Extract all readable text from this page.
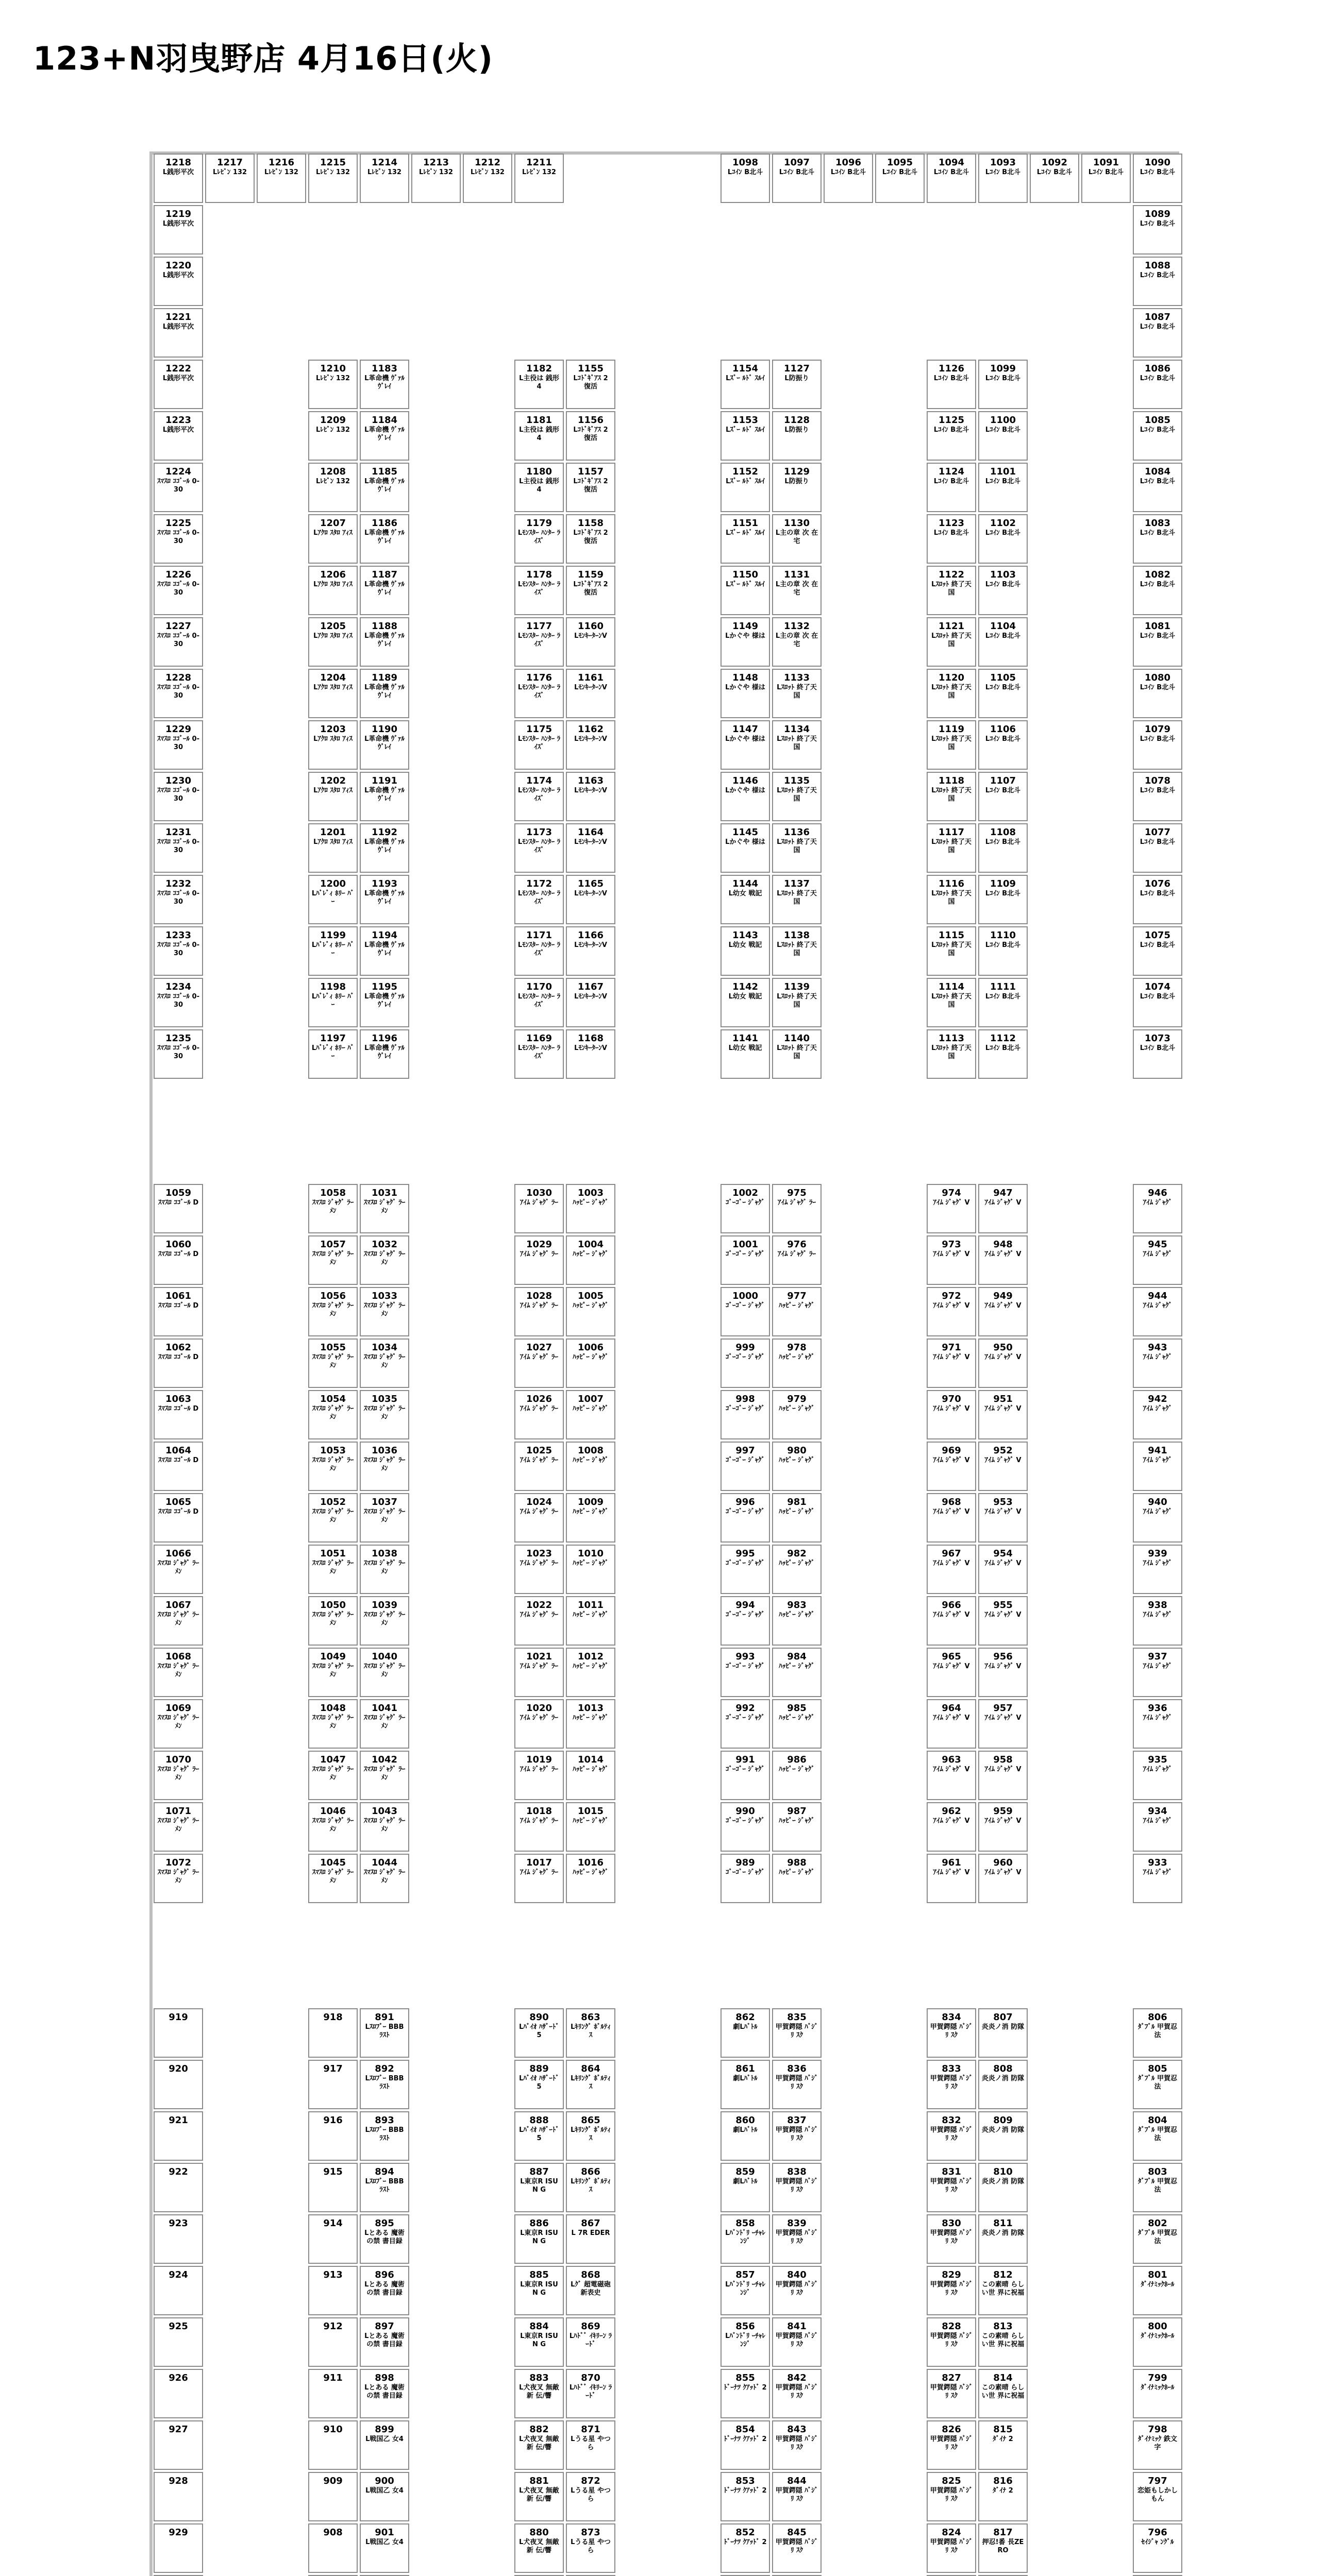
123+N羽曳野店 4月16日(火)
1218
L銭形平次
1217
Lﾚﾋﾞﾝ 132
1216
Lﾚﾋﾞﾝ 132
1215
Lﾚﾋﾞﾝ 132
1214
Lﾚﾋﾞﾝ 132
1213
Lﾚﾋﾞﾝ 132
1212
Lﾚﾋﾞﾝ 132
1211
Lﾚﾋﾞﾝ 132
1098
Lｺｲﾝ B北斗
1097
Lｺｲﾝ B北斗
1096
Lｺｲﾝ B北斗
1095
Lｺｲﾝ B北斗
1094
Lｺｲﾝ B北斗
1093
Lｺｲﾝ B北斗
1092
Lｺｲﾝ B北斗
1091
Lｺｲﾝ B北斗
1090
Lｺｲﾝ B北斗
1219
L銭形平次
1220
L銭形平次
1221
L銭形平次
1222
L銭形平次
1223
L銭形平次
1224
ｽﾏｽﾛ ｺｺﾞｰﾙ 0-30
1225
ｽﾏｽﾛ ｺｺﾞｰﾙ 0-30
1226
ｽﾏｽﾛ ｺｺﾞｰﾙ 0-30
1227
ｽﾏｽﾛ ｺｺﾞｰﾙ 0-30
1228
ｽﾏｽﾛ ｺｺﾞｰﾙ 0-30
1229
ｽﾏｽﾛ ｺｺﾞｰﾙ 0-30
1230
ｽﾏｽﾛ ｺｺﾞｰﾙ 0-30
1231
ｽﾏｽﾛ ｺｺﾞｰﾙ 0-30
1232
ｽﾏｽﾛ ｺｺﾞｰﾙ 0-30
1233
ｽﾏｽﾛ ｺｺﾞｰﾙ 0-30
1234
ｽﾏｽﾛ ｺｺﾞｰﾙ 0-30
1235
ｽﾏｽﾛ ｺｺﾞｰﾙ 0-30
1089
Lｺｲﾝ B北斗
1088
Lｺｲﾝ B北斗
1087
Lｺｲﾝ B北斗
1086
Lｺｲﾝ B北斗
1085
Lｺｲﾝ B北斗
1084
Lｺｲﾝ B北斗
1083
Lｺｲﾝ B北斗
1082
Lｺｲﾝ B北斗
1081
Lｺｲﾝ B北斗
1080
Lｺｲﾝ B北斗
1079
Lｺｲﾝ B北斗
1078
Lｺｲﾝ B北斗
1077
Lｺｲﾝ B北斗
1076
Lｺｲﾝ B北斗
1075
Lｺｲﾝ B北斗
1074
Lｺｲﾝ B北斗
1073
Lｺｲﾝ B北斗
1210
Lﾚﾋﾞﾝ 132
1209
Lﾚﾋﾞﾝ 132
1208
Lﾚﾋﾞﾝ 132
1207
Lｱｸﾛ ｽﾀﾛ ｱｨｽ
1206
Lｱｸﾛ ｽﾀﾛ ｱｨｽ
1205
Lｱｸﾛ ｽﾀﾛ ｱｨｽ
1204
Lｱｸﾛ ｽﾀﾛ ｱｨｽ
1203
Lｱｸﾛ ｽﾀﾛ ｱｨｽ
1202
Lｱｸﾛ ｽﾀﾛ ｱｨｽ
1201
Lｱｸﾛ ｽﾀﾛ ｱｨｽ
1200
Lﾊﾞﾚﾞｨ ﾎﾘｰ ﾊﾞｰ
1199
Lﾊﾞﾚﾞｨ ﾎﾘｰ ﾊﾞｰ
1198
Lﾊﾞﾚﾞｨ ﾎﾘｰ ﾊﾞｰ
1197
Lﾊﾞﾚﾞｨ ﾎﾘｰ ﾊﾞｰ
1183
L革命機 ｳﾞｧﾙ ｳﾞﾚｲ
1184
L革命機 ｳﾞｧﾙ ｳﾞﾚｲ
1185
L革命機 ｳﾞｧﾙ ｳﾞﾚｲ
1186
L革命機 ｳﾞｧﾙ ｳﾞﾚｲ
1187
L革命機 ｳﾞｧﾙ ｳﾞﾚｲ
1188
L革命機 ｳﾞｧﾙ ｳﾞﾚｲ
1189
L革命機 ｳﾞｧﾙ ｳﾞﾚｲ
1190
L革命機 ｳﾞｧﾙ ｳﾞﾚｲ
1191
L革命機 ｳﾞｧﾙ ｳﾞﾚｲ
1192
L革命機 ｳﾞｧﾙ ｳﾞﾚｲ
1193
L革命機 ｳﾞｧﾙ ｳﾞﾚｲ
1194
L革命機 ｳﾞｧﾙ ｳﾞﾚｲ
1195
L革命機 ｳﾞｧﾙ ｳﾞﾚｲ
1196
L革命機 ｳﾞｧﾙ ｳﾞﾚｲ
1182
L主役は 銭形4
1181
L主役は 銭形4
1180
L主役は 銭形4
1179
Lﾓﾝｽﾀｰ ﾊﾝﾀｰ ﾗｲｽﾞ
1178
Lﾓﾝｽﾀｰ ﾊﾝﾀｰ ﾗｲｽﾞ
1177
Lﾓﾝｽﾀｰ ﾊﾝﾀｰ ﾗｲｽﾞ
1176
Lﾓﾝｽﾀｰ ﾊﾝﾀｰ ﾗｲｽﾞ
1175
Lﾓﾝｽﾀｰ ﾊﾝﾀｰ ﾗｲｽﾞ
1174
Lﾓﾝｽﾀｰ ﾊﾝﾀｰ ﾗｲｽﾞ
1173
Lﾓﾝｽﾀｰ ﾊﾝﾀｰ ﾗｲｽﾞ
1172
Lﾓﾝｽﾀｰ ﾊﾝﾀｰ ﾗｲｽﾞ
1171
Lﾓﾝｽﾀｰ ﾊﾝﾀｰ ﾗｲｽﾞ
1170
Lﾓﾝｽﾀｰ ﾊﾝﾀｰ ﾗｲｽﾞ
1169
Lﾓﾝｽﾀｰ ﾊﾝﾀｰ ﾗｲｽﾞ
1155
Lｺﾄﾞｷﾞｱｽ 2 復活
1156
Lｺﾄﾞｷﾞｱｽ 2 復活
1157
Lｺﾄﾞｷﾞｱｽ 2 復活
1158
Lｺﾄﾞｷﾞｱｽ 2 復活
1159
Lｺﾄﾞｷﾞｱｽ 2 復活
1160
LﾓﾝｷｰﾀｰﾝV
1161
LﾓﾝｷｰﾀｰﾝV
1162
LﾓﾝｷｰﾀｰﾝV
1163
LﾓﾝｷｰﾀｰﾝV
1164
LﾓﾝｷｰﾀｰﾝV
1165
LﾓﾝｷｰﾀｰﾝV
1166
LﾓﾝｷｰﾀｰﾝV
1167
LﾓﾝｷｰﾀｰﾝV
1168
LﾓﾝｷｰﾀｰﾝV
1154
Lｽﾞｰ ﾙﾄﾞ ｽﾙｲ
1153
Lｽﾞｰ ﾙﾄﾞ ｽﾙｲ
1152
Lｽﾞｰ ﾙﾄﾞ ｽﾙｲ
1151
Lｽﾞｰ ﾙﾄﾞ ｽﾙｲ
1150
Lｽﾞｰ ﾙﾄﾞ ｽﾙｲ
1149
Lかぐや 様は
1148
Lかぐや 様は
1147
Lかぐや 様は
1146
Lかぐや 様は
1145
Lかぐや 様は
1144
L幼女 戦記
1143
L幼女 戦記
1142
L幼女 戦記
1141
L幼女 戦記
1127
L防振り
1128
L防振り
1129
L防振り
1130
L主の章 次 在宅
1131
L主の章 次 在宅
1132
L主の章 次 在宅
1133
Lｽﾛｯﾄ 終了天国
1134
Lｽﾛｯﾄ 終了天国
1135
Lｽﾛｯﾄ 終了天国
1136
Lｽﾛｯﾄ 終了天国
1137
Lｽﾛｯﾄ 終了天国
1138
Lｽﾛｯﾄ 終了天国
1139
Lｽﾛｯﾄ 終了天国
1140
Lｽﾛｯﾄ 終了天国
1126
Lｺｲﾝ B北斗
1125
Lｺｲﾝ B北斗
1124
Lｺｲﾝ B北斗
1123
Lｺｲﾝ B北斗
1122
Lｽﾛｯﾄ 終了天国
1121
Lｽﾛｯﾄ 終了天国
1120
Lｽﾛｯﾄ 終了天国
1119
Lｽﾛｯﾄ 終了天国
1118
Lｽﾛｯﾄ 終了天国
1117
Lｽﾛｯﾄ 終了天国
1116
Lｽﾛｯﾄ 終了天国
1115
Lｽﾛｯﾄ 終了天国
1114
Lｽﾛｯﾄ 終了天国
1113
Lｽﾛｯﾄ 終了天国
1099
Lｺｲﾝ B北斗
1100
Lｺｲﾝ B北斗
1101
Lｺｲﾝ B北斗
1102
Lｺｲﾝ B北斗
1103
Lｺｲﾝ B北斗
1104
Lｺｲﾝ B北斗
1105
Lｺｲﾝ B北斗
1106
Lｺｲﾝ B北斗
1107
Lｺｲﾝ B北斗
1108
Lｺｲﾝ B北斗
1109
Lｺｲﾝ B北斗
1110
Lｺｲﾝ B北斗
1111
Lｺｲﾝ B北斗
1112
Lｺｲﾝ B北斗
1059
ｽﾏｽﾛ ｺｺﾞｰﾙ D
1060
ｽﾏｽﾛ ｺｺﾞｰﾙ D
1061
ｽﾏｽﾛ ｺｺﾞｰﾙ D
1062
ｽﾏｽﾛ ｺｺﾞｰﾙ D
1063
ｽﾏｽﾛ ｺｺﾞｰﾙ D
1064
ｽﾏｽﾛ ｺｺﾞｰﾙ D
1065
ｽﾏｽﾛ ｺｺﾞｰﾙ D
1066
ｽﾏｽﾛ ｼﾞｬｸﾞ ﾗｰﾒﾝ
1067
ｽﾏｽﾛ ｼﾞｬｸﾞ ﾗｰﾒﾝ
1068
ｽﾏｽﾛ ｼﾞｬｸﾞ ﾗｰﾒﾝ
1069
ｽﾏｽﾛ ｼﾞｬｸﾞ ﾗｰﾒﾝ
1070
ｽﾏｽﾛ ｼﾞｬｸﾞ ﾗｰﾒﾝ
1071
ｽﾏｽﾛ ｼﾞｬｸﾞ ﾗｰﾒﾝ
1072
ｽﾏｽﾛ ｼﾞｬｸﾞ ﾗｰﾒﾝ
946
ｱｲﾑ ｼﾞｬｸﾞ
945
ｱｲﾑ ｼﾞｬｸﾞ
944
ｱｲﾑ ｼﾞｬｸﾞ
943
ｱｲﾑ ｼﾞｬｸﾞ
942
ｱｲﾑ ｼﾞｬｸﾞ
941
ｱｲﾑ ｼﾞｬｸﾞ
940
ｱｲﾑ ｼﾞｬｸﾞ
939
ｱｲﾑ ｼﾞｬｸﾞ
938
ｱｲﾑ ｼﾞｬｸﾞ
937
ｱｲﾑ ｼﾞｬｸﾞ
936
ｱｲﾑ ｼﾞｬｸﾞ
935
ｱｲﾑ ｼﾞｬｸﾞ
934
ｱｲﾑ ｼﾞｬｸﾞ
933
ｱｲﾑ ｼﾞｬｸﾞ
1058
ｽﾏｽﾛ ｼﾞｬｸﾞ ﾗｰﾒﾝ
1057
ｽﾏｽﾛ ｼﾞｬｸﾞ ﾗｰﾒﾝ
1056
ｽﾏｽﾛ ｼﾞｬｸﾞ ﾗｰﾒﾝ
1055
ｽﾏｽﾛ ｼﾞｬｸﾞ ﾗｰﾒﾝ
1054
ｽﾏｽﾛ ｼﾞｬｸﾞ ﾗｰﾒﾝ
1053
ｽﾏｽﾛ ｼﾞｬｸﾞ ﾗｰﾒﾝ
1052
ｽﾏｽﾛ ｼﾞｬｸﾞ ﾗｰﾒﾝ
1051
ｽﾏｽﾛ ｼﾞｬｸﾞ ﾗｰﾒﾝ
1050
ｽﾏｽﾛ ｼﾞｬｸﾞ ﾗｰﾒﾝ
1049
ｽﾏｽﾛ ｼﾞｬｸﾞ ﾗｰﾒﾝ
1048
ｽﾏｽﾛ ｼﾞｬｸﾞ ﾗｰﾒﾝ
1047
ｽﾏｽﾛ ｼﾞｬｸﾞ ﾗｰﾒﾝ
1046
ｽﾏｽﾛ ｼﾞｬｸﾞ ﾗｰﾒﾝ
1045
ｽﾏｽﾛ ｼﾞｬｸﾞ ﾗｰﾒﾝ
1031
ｽﾏｽﾛ ｼﾞｬｸﾞ ﾗｰﾒﾝ
1032
ｽﾏｽﾛ ｼﾞｬｸﾞ ﾗｰﾒﾝ
1033
ｽﾏｽﾛ ｼﾞｬｸﾞ ﾗｰﾒﾝ
1034
ｽﾏｽﾛ ｼﾞｬｸﾞ ﾗｰﾒﾝ
1035
ｽﾏｽﾛ ｼﾞｬｸﾞ ﾗｰﾒﾝ
1036
ｽﾏｽﾛ ｼﾞｬｸﾞ ﾗｰﾒﾝ
1037
ｽﾏｽﾛ ｼﾞｬｸﾞ ﾗｰﾒﾝ
1038
ｽﾏｽﾛ ｼﾞｬｸﾞ ﾗｰﾒﾝ
1039
ｽﾏｽﾛ ｼﾞｬｸﾞ ﾗｰﾒﾝ
1040
ｽﾏｽﾛ ｼﾞｬｸﾞ ﾗｰﾒﾝ
1041
ｽﾏｽﾛ ｼﾞｬｸﾞ ﾗｰﾒﾝ
1042
ｽﾏｽﾛ ｼﾞｬｸﾞ ﾗｰﾒﾝ
1043
ｽﾏｽﾛ ｼﾞｬｸﾞ ﾗｰﾒﾝ
1044
ｽﾏｽﾛ ｼﾞｬｸﾞ ﾗｰﾒﾝ
1030
ｱｲﾑ ｼﾞｬｸﾞ ﾗｰ
1029
ｱｲﾑ ｼﾞｬｸﾞ ﾗｰ
1028
ｱｲﾑ ｼﾞｬｸﾞ ﾗｰ
1027
ｱｲﾑ ｼﾞｬｸﾞ ﾗｰ
1026
ｱｲﾑ ｼﾞｬｸﾞ ﾗｰ
1025
ｱｲﾑ ｼﾞｬｸﾞ ﾗｰ
1024
ｱｲﾑ ｼﾞｬｸﾞ ﾗｰ
1023
ｱｲﾑ ｼﾞｬｸﾞ ﾗｰ
1022
ｱｲﾑ ｼﾞｬｸﾞ ﾗｰ
1021
ｱｲﾑ ｼﾞｬｸﾞ ﾗｰ
1020
ｱｲﾑ ｼﾞｬｸﾞ ﾗｰ
1019
ｱｲﾑ ｼﾞｬｸﾞ ﾗｰ
1018
ｱｲﾑ ｼﾞｬｸﾞ ﾗｰ
1017
ｱｲﾑ ｼﾞｬｸﾞ ﾗｰ
1003
ﾊｯﾋﾟｰ ｼﾞｬｸﾞ
1004
ﾊｯﾋﾟｰ ｼﾞｬｸﾞ
1005
ﾊｯﾋﾟｰ ｼﾞｬｸﾞ
1006
ﾊｯﾋﾟｰ ｼﾞｬｸﾞ
1007
ﾊｯﾋﾟｰ ｼﾞｬｸﾞ
1008
ﾊｯﾋﾟｰ ｼﾞｬｸﾞ
1009
ﾊｯﾋﾟｰ ｼﾞｬｸﾞ
1010
ﾊｯﾋﾟｰ ｼﾞｬｸﾞ
1011
ﾊｯﾋﾟｰ ｼﾞｬｸﾞ
1012
ﾊｯﾋﾟｰ ｼﾞｬｸﾞ
1013
ﾊｯﾋﾟｰ ｼﾞｬｸﾞ
1014
ﾊｯﾋﾟｰ ｼﾞｬｸﾞ
1015
ﾊｯﾋﾟｰ ｼﾞｬｸﾞ
1016
ﾊｯﾋﾟｰ ｼﾞｬｸﾞ
1002
ｺﾞｰｺﾞｰ ｼﾞｬｸﾞ
1001
ｺﾞｰｺﾞｰ ｼﾞｬｸﾞ
1000
ｺﾞｰｺﾞｰ ｼﾞｬｸﾞ
999
ｺﾞｰｺﾞｰ ｼﾞｬｸﾞ
998
ｺﾞｰｺﾞｰ ｼﾞｬｸﾞ
997
ｺﾞｰｺﾞｰ ｼﾞｬｸﾞ
996
ｺﾞｰｺﾞｰ ｼﾞｬｸﾞ
995
ｺﾞｰｺﾞｰ ｼﾞｬｸﾞ
994
ｺﾞｰｺﾞｰ ｼﾞｬｸﾞ
993
ｺﾞｰｺﾞｰ ｼﾞｬｸﾞ
992
ｺﾞｰｺﾞｰ ｼﾞｬｸﾞ
991
ｺﾞｰｺﾞｰ ｼﾞｬｸﾞ
990
ｺﾞｰｺﾞｰ ｼﾞｬｸﾞ
989
ｺﾞｰｺﾞｰ ｼﾞｬｸﾞ
975
ｱｲﾑ ｼﾞｬｸﾞ ﾗｰ
976
ｱｲﾑ ｼﾞｬｸﾞ ﾗｰ
977
ﾊｯﾋﾟｰ ｼﾞｬｸﾞ
978
ﾊｯﾋﾟｰ ｼﾞｬｸﾞ
979
ﾊｯﾋﾟｰ ｼﾞｬｸﾞ
980
ﾊｯﾋﾟｰ ｼﾞｬｸﾞ
981
ﾊｯﾋﾟｰ ｼﾞｬｸﾞ
982
ﾊｯﾋﾟｰ ｼﾞｬｸﾞ
983
ﾊｯﾋﾟｰ ｼﾞｬｸﾞ
984
ﾊｯﾋﾟｰ ｼﾞｬｸﾞ
985
ﾊｯﾋﾟｰ ｼﾞｬｸﾞ
986
ﾊｯﾋﾟｰ ｼﾞｬｸﾞ
987
ﾊｯﾋﾟｰ ｼﾞｬｸﾞ
988
ﾊｯﾋﾟｰ ｼﾞｬｸﾞ
974
ｱｲﾑ ｼﾞｬｸﾞ V
973
ｱｲﾑ ｼﾞｬｸﾞ V
972
ｱｲﾑ ｼﾞｬｸﾞ V
971
ｱｲﾑ ｼﾞｬｸﾞ V
970
ｱｲﾑ ｼﾞｬｸﾞ V
969
ｱｲﾑ ｼﾞｬｸﾞ V
968
ｱｲﾑ ｼﾞｬｸﾞ V
967
ｱｲﾑ ｼﾞｬｸﾞ V
966
ｱｲﾑ ｼﾞｬｸﾞ V
965
ｱｲﾑ ｼﾞｬｸﾞ V
964
ｱｲﾑ ｼﾞｬｸﾞ V
963
ｱｲﾑ ｼﾞｬｸﾞ V
962
ｱｲﾑ ｼﾞｬｸﾞ V
961
ｱｲﾑ ｼﾞｬｸﾞ V
947
ｱｲﾑ ｼﾞｬｸﾞ V
948
ｱｲﾑ ｼﾞｬｸﾞ V
949
ｱｲﾑ ｼﾞｬｸﾞ V
950
ｱｲﾑ ｼﾞｬｸﾞ V
951
ｱｲﾑ ｼﾞｬｸﾞ V
952
ｱｲﾑ ｼﾞｬｸﾞ V
953
ｱｲﾑ ｼﾞｬｸﾞ V
954
ｱｲﾑ ｼﾞｬｸﾞ V
955
ｱｲﾑ ｼﾞｬｸﾞ V
956
ｱｲﾑ ｼﾞｬｸﾞ V
957
ｱｲﾑ ｼﾞｬｸﾞ V
958
ｱｲﾑ ｼﾞｬｸﾞ V
959
ｱｲﾑ ｼﾞｬｸﾞ V
960
ｱｲﾑ ｼﾞｬｸﾞ V
919
920
921
922
923
924
925
926
927
928
929
806
ﾀﾞﾌﾞﾙ 甲賀忍法
805
ﾀﾞﾌﾞﾙ 甲賀忍法
804
ﾀﾞﾌﾞﾙ 甲賀忍法
803
ﾀﾞﾌﾞﾙ 甲賀忍法
802
ﾀﾞﾌﾞﾙ 甲賀忍法
801
ﾀﾞｲﾅﾐｯｸﾎｰﾙ
800
ﾀﾞｲﾅﾐｯｸﾎｰﾙ
799
ﾀﾞｲﾅﾐｯｸﾎｰﾙ
798
ﾀﾞｲﾅﾐｯｸ 鉄文字
797
恋姫もしかしもん
796
ｾｲｼﾞｬ ﾝｸﾞﾙ
918
917
916
915
914
913
912
911
910
909
908
891
Lｽﾛﾌﾞｰ BBB ﾗｽﾄ
892
Lｽﾛﾌﾞｰ BBB ﾗｽﾄ
893
Lｽﾛﾌﾞｰ BBB ﾗｽﾄ
894
Lｽﾛﾌﾞｰ BBB ﾗｽﾄ
895
Lとある 魔術の禁 書目録
896
Lとある 魔術の禁 書目録
897
Lとある 魔術の禁 書目録
898
Lとある 魔術の禁 書目録
899
L戦国乙 女4
900
L戦国乙 女4
901
L戦国乙 女4
890
Lﾊﾞｲｵ ﾊｻﾞｰﾄﾞ5
889
Lﾊﾞｲｵ ﾊｻﾞｰﾄﾞ5
888
Lﾊﾞｲｵ ﾊｻﾞｰﾄﾞ5
887
L東京R ISUN G
886
L東京R ISUN G
885
L東京R ISUN G
884
L東京R ISUN G
883
L犬夜叉 無敵新 伝/響
882
L犬夜叉 無敵新 伝/響
881
L犬夜叉 無敵新 伝/響
880
L犬夜叉 無敵新 伝/響
863
Lｷﾘﾝｸﾞ ﾎﾞﾙﾃｨｽ
864
Lｷﾘﾝｸﾞ ﾎﾞﾙﾃｨｽ
865
Lｷﾘﾝｸﾞ ﾎﾞﾙﾃｨｽ
866
Lｷﾘﾝｸﾞ ﾎﾞﾙﾃｨｽ
867
L 7R EDER
868
Lｸﾞ 超電磁砲 新表史
869
Lﾊﾄﾞﾞ ｲｷﾘｰﾝ ﾗｰﾄﾞ
870
Lﾊﾄﾞﾞ ｲｷﾘｰﾝ ﾗｰﾄﾞ
871
Lうる星 やつら
872
Lうる星 やつら
873
Lうる星 やつら
862
劇Lﾊﾞﾄﾙ
861
劇Lﾊﾞﾄﾙ
860
劇Lﾊﾞﾄﾙ
859
劇Lﾊﾞﾄﾙ
858
Lﾊﾞﾝﾄﾞﾘ ｰﾁｬﾚﾝｼﾞ
857
Lﾊﾞﾝﾄﾞﾘ ｰﾁｬﾚﾝｼﾞ
856
Lﾊﾞﾝﾄﾞﾘ ｰﾁｬﾚﾝｼﾞ
855
ﾄﾞｰﾅﾂ ｸｱｯﾄﾞ 2
854
ﾄﾞｰﾅﾂ ｸｱｯﾄﾞ 2
853
ﾄﾞｰﾅﾂ ｸｱｯﾄﾞ 2
852
ﾄﾞｰﾅﾂ ｸｱｯﾄﾞ 2
835
甲賀鍔隠 ﾊﾞｼﾞﾘ ｽｸ
836
甲賀鍔隠 ﾊﾞｼﾞﾘ ｽｸ
837
甲賀鍔隠 ﾊﾞｼﾞﾘ ｽｸ
838
甲賀鍔隠 ﾊﾞｼﾞﾘ ｽｸ
839
甲賀鍔隠 ﾊﾞｼﾞﾘ ｽｸ
840
甲賀鍔隠 ﾊﾞｼﾞﾘ ｽｸ
841
甲賀鍔隠 ﾊﾞｼﾞﾘ ｽｸ
842
甲賀鍔隠 ﾊﾞｼﾞﾘ ｽｸ
843
甲賀鍔隠 ﾊﾞｼﾞﾘ ｽｸ
844
甲賀鍔隠 ﾊﾞｼﾞﾘ ｽｸ
845
甲賀鍔隠 ﾊﾞｼﾞﾘ ｽｸ
834
甲賀鍔隠 ﾊﾞｼﾞﾘ ｽｸ
833
甲賀鍔隠 ﾊﾞｼﾞﾘ ｽｸ
832
甲賀鍔隠 ﾊﾞｼﾞﾘ ｽｸ
831
甲賀鍔隠 ﾊﾞｼﾞﾘ ｽｸ
830
甲賀鍔隠 ﾊﾞｼﾞﾘ ｽｸ
829
甲賀鍔隠 ﾊﾞｼﾞﾘ ｽｸ
828
甲賀鍔隠 ﾊﾞｼﾞﾘ ｽｸ
827
甲賀鍔隠 ﾊﾞｼﾞﾘ ｽｸ
826
甲賀鍔隠 ﾊﾞｼﾞﾘ ｽｸ
825
甲賀鍔隠 ﾊﾞｼﾞﾘ ｽｸ
824
甲賀鍔隠 ﾊﾞｼﾞﾘ ｽｸ
807
炎炎ノ消 防隊
808
炎炎ノ消 防隊
809
炎炎ノ消 防隊
810
炎炎ノ消 防隊
811
炎炎ノ消 防隊
812
この素晴 らしい世 界に祝福
813
この素晴 らしい世 界に祝福
814
この素晴 らしい世 界に祝福
815
ﾀﾞｲﾅ 2
816
ﾀﾞｲﾅ 2
817
押忍!番 長ZERO
